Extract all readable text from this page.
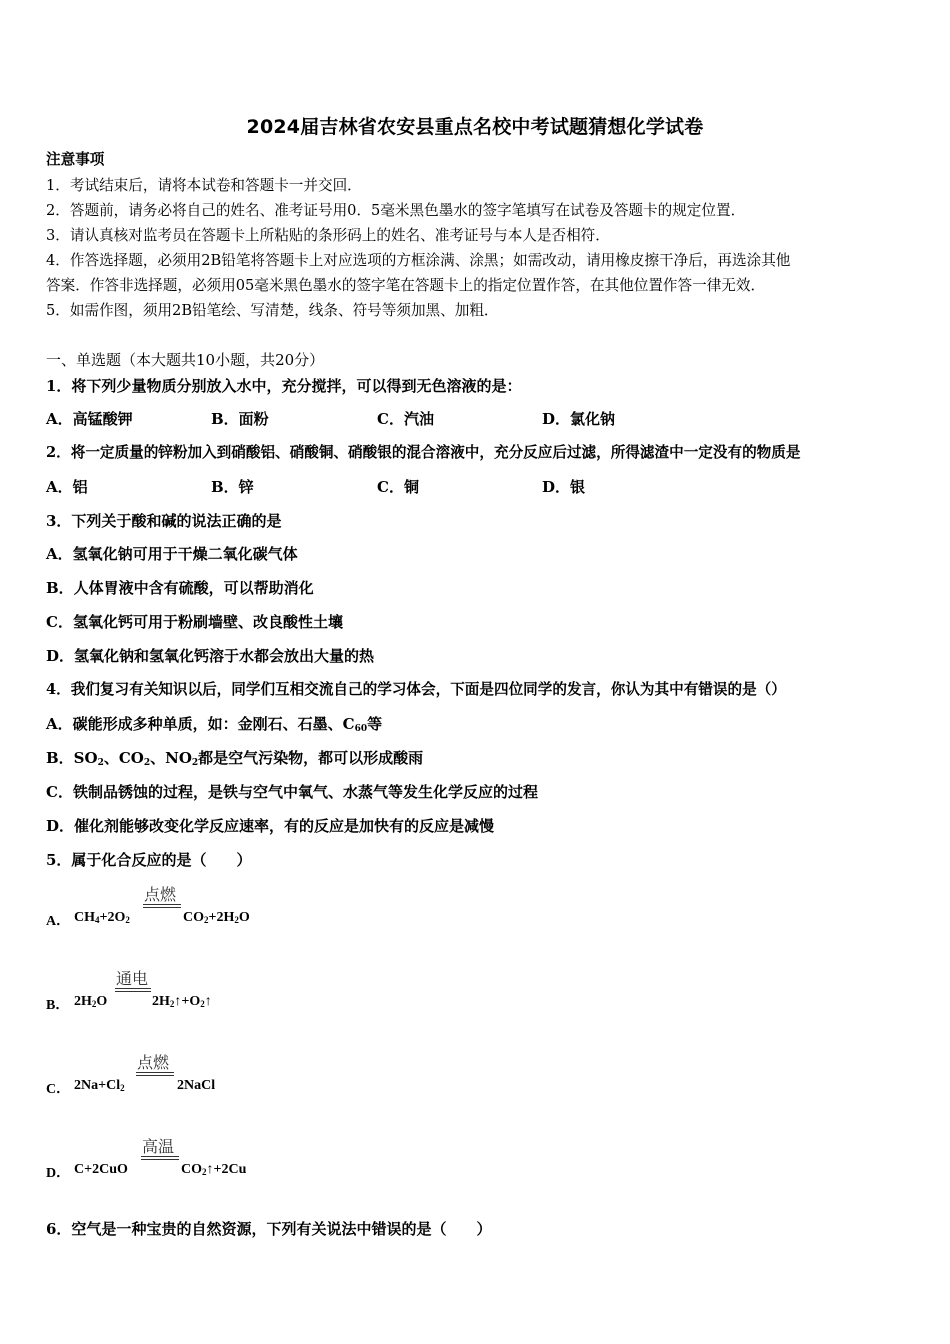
2024届吉林省农安县重点名校中考试题猜想化学试卷
注意事项
1．考试结束后，请将本试卷和答题卡一并交回．
2．答题前，请务必将自己的姓名、准考证号用0．5毫米黑色墨水的签字笔填写在试卷及答题卡的规定位置．
3．请认真核对监考员在答题卡上所粘贴的条形码上的姓名、准考证号与本人是否相符．
4．作答选择题，必须用2B铅笔将答题卡上对应选项的方框涂满、涂黑；如需改动，请用橡皮擦干净后，再选涂其他
答案．作答非选择题，必须用05毫米黑色墨水的签字笔在答题卡上的指定位置作答，在其他位置作答一律无效．
5．如需作图，须用2B铅笔绘、写清楚，线条、符号等须加黑、加粗．
一、单选题（本大题共10小题，共20分）
1．将下列少量物质分别放入水中，充分搅拌，可以得到无色溶液的是：
A．高锰酸钾	B．面粉	C．汽油	D．氯化钠
2．将一定质量的锌粉加入到硝酸铝、硝酸铜、硝酸银的混合溶液中，充分反应后过滤，所得滤渣中一定没有的物质是
A．铝	B．锌	C．铜	D．银
3．下列关于酸和碱的说法正确的是
A．氢氧化钠可用于干燥二氧化碳气体
B．人体胃液中含有硫酸，可以帮助消化
C．氢氧化钙可用于粉刷墙壁、改良酸性土壤
D．氢氧化钠和氢氧化钙溶于水都会放出大量的热
4．我们复习有关知识以后，同学们互相交流自己的学习体会，下面是四位同学的发言，你认为其中有错误的是（）
A．碳能形成多种单质，如：金刚石、石墨、$C_{60}$等
B．$SO_2$、$CO_2$、$NO_2$都是空气污染物，都可以形成酸雨
C．铁制品锈蚀的过程，是铁与空气中氧气、水蒸气等发生化学反应的过程
D．催化剂能够改变化学反应速率，有的反应是加快有的反应是减慢
5．属于化合反应的是（　　）
A． $CH_4+2O_2$
点燃
$CO_2+2H_2O$
B． $2H_2O$
通电
$2H_2↑+O_2↑$
C． $2Na+Cl_2$
点燃
2NaCl
D． C+2CuO
高温
$CO_2↑+2Cu$
6．空气是一种宝贵的自然资源，下列有关说法中错误的是（　　）
